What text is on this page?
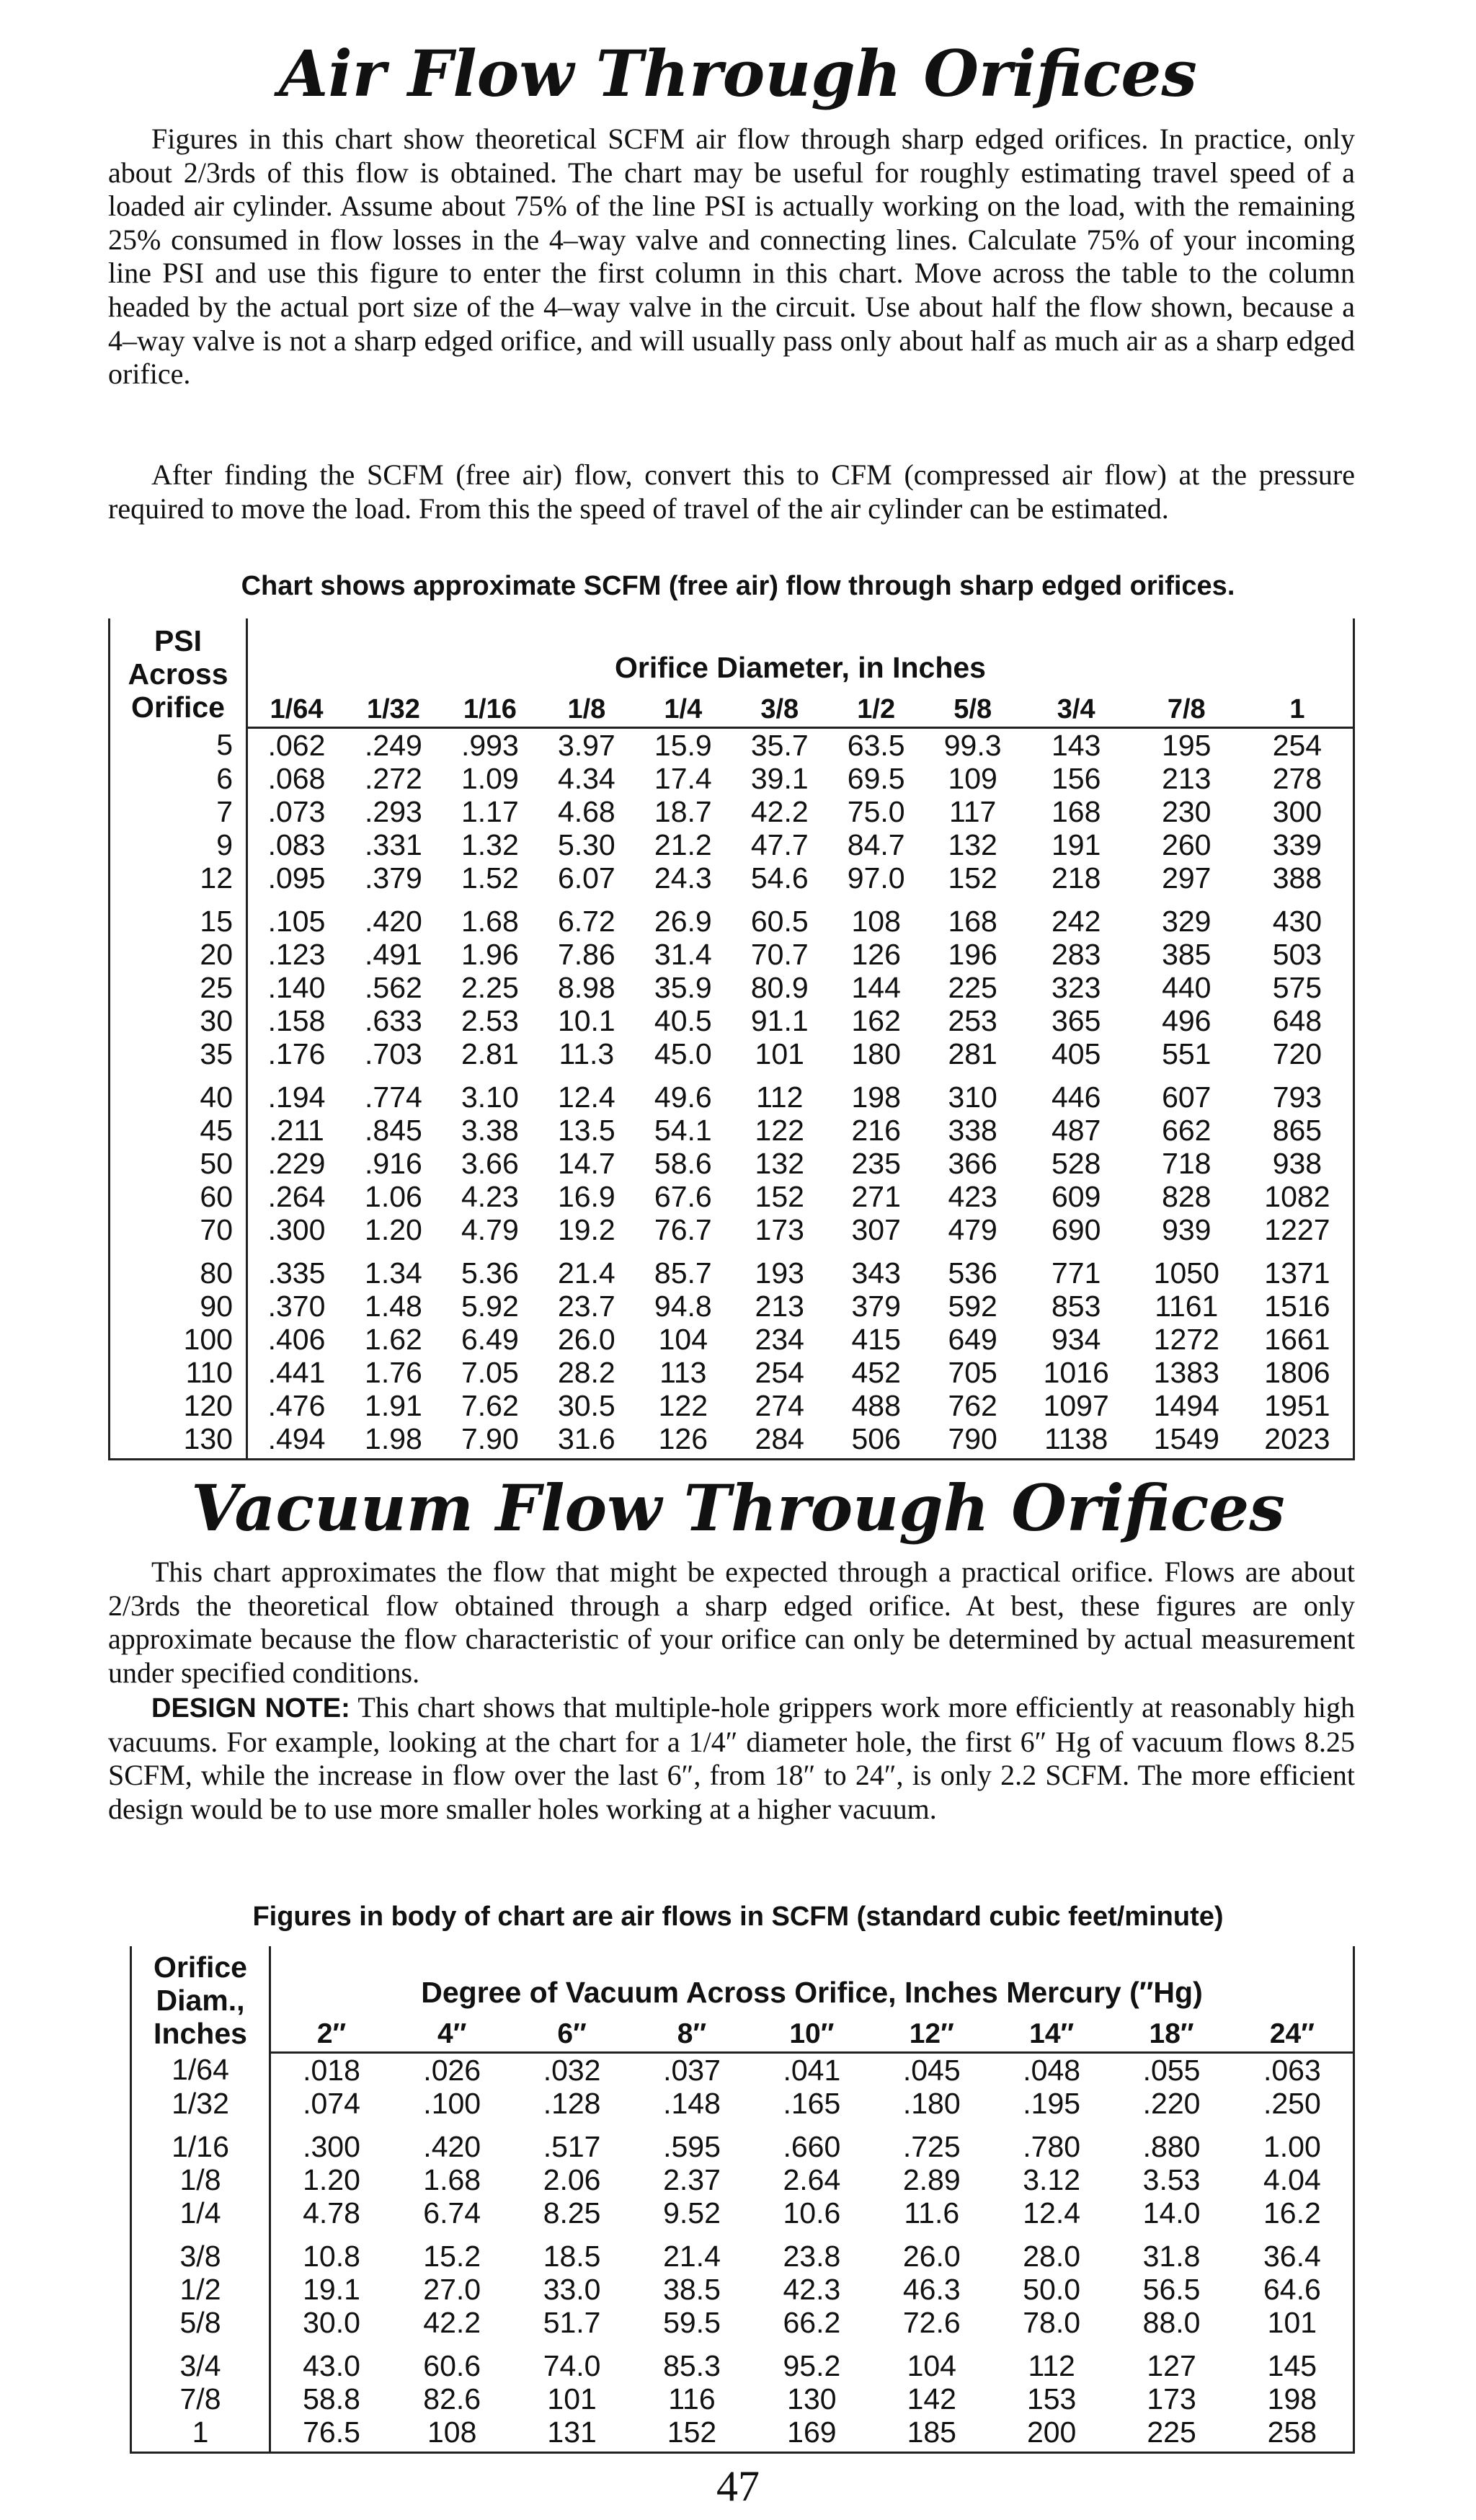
Air Flow Through Orifices

Figures in this chart show theoretical SCFM air flow through sharp edged orifices. In practice, only about 2/3rds of this flow is obtained. The chart may be useful for roughly estimating travel speed of a loaded air cylinder. Assume about 75% of the line PSI is actually working on the load, with the remaining 25% consumed in flow losses in the 4–way valve and connecting lines. Calculate 75% of your incoming line PSI and use this figure to enter the first column in this chart. Move across the table to the column headed by the actual port size of the 4–way valve in the circuit. Use about half the flow shown, because a 4–way valve is not a sharp edged orifice, and will usually pass only about half as much air as a sharp edged orifice.

After finding the SCFM (free air) flow, convert this to CFM (compressed air flow) at the pressure required to move the load. From this the speed of travel of the air cylinder can be estimated.

Chart shows approximate SCFM (free air) flow through sharp edged orifices.

PSI
Across
Orifice	Orifice Diameter, in Inches										
	1/64	1/32	1/16	1/8	1/4	3/8	1/2	5/8	3/4	7/8	1
5	.062	.249	.993	3.97	15.9	35.7	63.5	99.3	143	195	254
6	.068	.272	1.09	4.34	17.4	39.1	69.5	109	156	213	278
7	.073	.293	1.17	4.68	18.7	42.2	75.0	117	168	230	300
9	.083	.331	1.32	5.30	21.2	47.7	84.7	132	191	260	339
12	.095	.379	1.52	6.07	24.3	54.6	97.0	152	218	297	388
15	.105	.420	1.68	6.72	26.9	60.5	108	168	242	329	430
20	.123	.491	1.96	7.86	31.4	70.7	126	196	283	385	503
25	.140	.562	2.25	8.98	35.9	80.9	144	225	323	440	575
30	.158	.633	2.53	10.1	40.5	91.1	162	253	365	496	648
35	.176	.703	2.81	11.3	45.0	101	180	281	405	551	720
40	.194	.774	3.10	12.4	49.6	112	198	310	446	607	793
45	.211	.845	3.38	13.5	54.1	122	216	338	487	662	865
50	.229	.916	3.66	14.7	58.6	132	235	366	528	718	938
60	.264	1.06	4.23	16.9	67.6	152	271	423	609	828	1082
70	.300	1.20	4.79	19.2	76.7	173	307	479	690	939	1227
80	.335	1.34	5.36	21.4	85.7	193	343	536	771	1050	1371
90	.370	1.48	5.92	23.7	94.8	213	379	592	853	1161	1516
100	.406	1.62	6.49	26.0	104	234	415	649	934	1272	1661
110	.441	1.76	7.05	28.2	113	254	452	705	1016	1383	1806
120	.476	1.91	7.62	30.5	122	274	488	762	1097	1494	1951
130	.494	1.98	7.90	31.6	126	284	506	790	1138	1549	2023
Vacuum Flow Through Orifices

This chart approximates the flow that might be expected through a practical orifice. Flows are about 2/3rds the theoretical flow obtained through a sharp edged orifice. At best, these figures are only approximate because the flow characteristic of your orifice can only be determined by actual measurement under specified conditions.

DESIGN NOTE: This chart shows that multiple-hole grippers work more efficiently at reasonably high vacuums. For example, looking at the chart for a 1/4″ diameter hole, the first 6″ Hg of vacuum flows 8.25 SCFM, while the increase in flow over the last 6″, from 18″ to 24″, is only 2.2 SCFM. The more efficient design would be to use more smaller holes working at a higher vacuum.

Figures in body of chart are air flows in SCFM (standard cubic feet/minute)

Orifice
Diam.,
Inches	Degree of Vacuum Across Orifice, Inches Mercury (″Hg)								
	2″	4″	6″	8″	10″	12″	14″	18″	24″
1/64	.018	.026	.032	.037	.041	.045	.048	.055	.063
1/32	.074	.100	.128	.148	.165	.180	.195	.220	.250
1/16	.300	.420	.517	.595	.660	.725	.780	.880	1.00
1/8	1.20	1.68	2.06	2.37	2.64	2.89	3.12	3.53	4.04
1/4	4.78	6.74	8.25	9.52	10.6	11.6	12.4	14.0	16.2
3/8	10.8	15.2	18.5	21.4	23.8	26.0	28.0	31.8	36.4
1/2	19.1	27.0	33.0	38.5	42.3	46.3	50.0	56.5	64.6
5/8	30.0	42.2	51.7	59.5	66.2	72.6	78.0	88.0	101
3/4	43.0	60.6	74.0	85.3	95.2	104	112	127	145
7/8	58.8	82.6	101	116	130	142	153	173	198
1	76.5	108	131	152	169	185	200	225	258
47
